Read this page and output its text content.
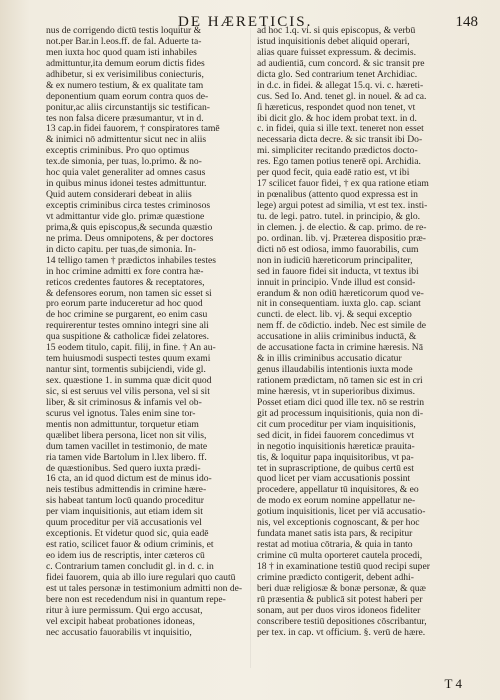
DE HÆRETICIS.	148
nus de corrigendo dictū testis loquitur &
not.per Bar.in l.eos.ff. de fal. Aduerte ta-
men iuxta hoc quod quam isti inhabiles
admittuntur,ita demum eorum dictis fides
adhibetur, si ex verisimilibus coniecturis,
& ex numero testium, & ex qualitate tam
deponentium quam eorum contra quos de-
ponitur,ac aliis circunstantijs sic testifican-
tes non falsa dicere præsumantur, vt in d.
13 cap.in fidei fauorem, † conspiratores tamē
& inimici nō admittentur sicut nec in aliis
exceptis criminibus. Pro quo optimus
tex.de simonia, per tuas, lo.primo. & no-
hoc quia valet generaliter ad omnes casus
in quibus minus idonei testes admittuntur.
Quid autem considerari debeat in aliis
exceptis criminibus circa testes criminosos
vt admittantur vide glo. primæ quæstione
prima,& quis episcopus,& secunda quæstio
ne prima. Deus omnipotens, & per doctores
in dicto capitu. per tuas,de simonia. In-
14 telligo tamen † prædictos inhabiles testes
in hoc crimine admitti ex fore contra hæ-
reticos credentes fautores & receptatores,
& defensores eorum, non tamen sic esset si
pro eorum parte induceretur ad hoc quod
de hoc crimine se purgarent, eo enim casu
requirerentur testes omnino integri sine ali
qua suspitione & catholicæ fidei zelatores.
15 eodem titulo, capit. filij, in fine. † An au-
tem huiusmodi suspecti testes quum exami
nantur sint, tormentis subijciendi, vide gl.
sex. quæstione 1. in summa quæ dicit quod
sic, si est seruus vel vilis persona, vel si sit
liber, & sit criminosus & infamis vel ob-
scurus vel ignotus. Tales enim sine tor-
mentis non admittuntur, torquetur etiam
quælibet libera persona, licet non sit vilis,
dum tamen vacillet in testimonio, de mate
ria tamen vide Bartolum in l.lex libero. ff.
de quæstionibus. Sed quero iuxta prædi-
16 cta, an id quod dictum est de minus ido-
neis testibus admittendis in crimine hære-
sis habeat tantum locū quando proceditur
per viam inquisitionis, aut etiam idem sit
quum proceditur per viā accusationis vel
exceptionis. Et videtur quod sic, quia eadē
est ratio, scilicet fauor & odium criminis, et
eo idem ius de rescriptis, inter cæteros cū
c. Contrarium tamen concludit gl. in d. c. in
fidei fauorem, quia ab illo iure regulari quo cautū
est ut tales personæ in testimonium admitti non de-
bere non est recedendum nisi in quantum repe-
ritur à iure permissum. Qui ergo accusat,
vel excipit habeat probationes idoneas,
nec accusatio fauorabilis vt inquisitio,
ad hoc 1.q. vi. si quis episcopus, & verbū
istud inquisitionis debet aliquid operari,
alias quare fuisset expressum. & decimis.
ad audientiā, cum concord. & sic transit pre
dicta glo. Sed contrarium tenet Archidiac.
in d.c. in fidei. & allegat 15.q. vi. c. hæreti-
cus. Sed Io. And. tenet gl. in nouel. & ad ca.
ſi hæreticus, respondet quod non tenet, vt
ibi dicit glo. & hoc idem probat text. in d.
c. in fidei, quia si ille text. teneret non esset
necessaria dicta decre. & sic transit ibi Do-
mi. simpliciter recitando prædictos docto-
res. Ego tamen potius tenerē opi. Archidia.
per quod fecit, quia eadē ratio est, vt ibi
17 scilicet fauor fidei, † ex qua ratione etiam
in pœnalibus (attento quod expressa est in
lege) argui potest ad similia, vt est tex. insti-
tu. de legi. patro. tutel. in principio, & glo.
in clemen. j. de electio. & cap. primo. de re-
po. ordinan. lib. vj. Præterea dispositio præ-
dicti nō est odiosa, immo fauorabilis, cum
non in iudiciū hæreticorum principaliter,
sed in fauore fidei sit inducta, vt textus ibi
innuit in principio. Vnde illud est consid-
erandum & non odiū hæreticorum quod ve-
nit in consequentiam. iuxta glo. cap. sciant
cuncti. de elect. lib. vj. & sequi exceptio
nem ff. de cōdictio. indeb. Nec est simile de
accusatione in aliis criminibus inductā, &
de accusatione facta in crimine hæresis. Nā
& in illis criminibus accusatio dicatur
genus illaudabilis intentionis iuxta mode
rationem prædictam, nō tamen sic est in cri
mine hæresis, vt in superioribus diximus.
Posset etiam dici quod ille tex. nō se restrin
git ad processum inquisitionis, quia non di-
cit cum proceditur per viam inquisitionis,
sed dicit, in fidei fauorem concedimus vt
in negotio inquisitionis hæreticæ prauita-
tis, & loquitur papa inquisitoribus, vt pa-
tet in suprascriptione, de quibus certū est
quod licet per viam accusationis possint
procedere, appellatur tū inquisitores, & eo
de modo ex eorum nomine appellatur ne-
gotium inquisitionis, licet per viā accusatio-
nis, vel exceptionis cognoscant, & per hoc
fundata manet satis ista pars, & recipitur
restat ad motiua cōtraria, & quia in tanto
crimine cū multa oporteret cautela procedi,
18 † in examinatione testiū quod recipi super
crimine prædicto contigerit, debent adhi-
beri duæ religiosæ & bonæ personæ, & quæ
rū præsentia & publicā sit potest haberi per
sonam, aut per duos viros idoneos fideliter
conscribere testiū depositiones cōscribantur,
per tex. in cap. vt officium. §. verū de hære.
T 4
